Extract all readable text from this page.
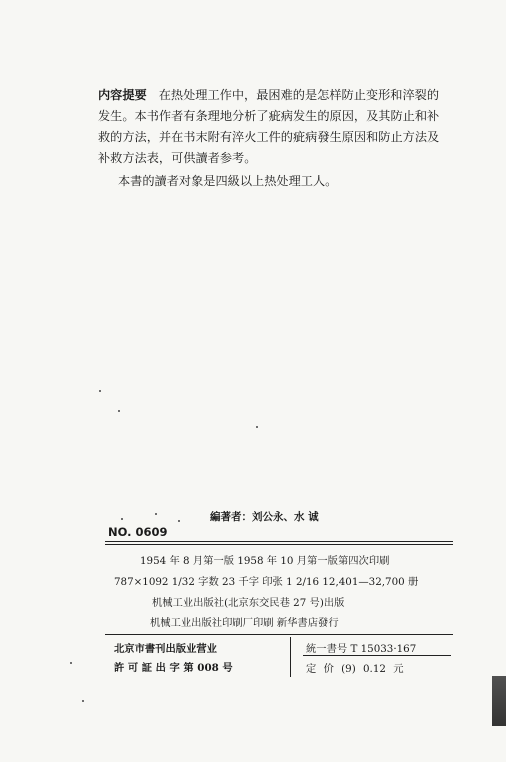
内容提要 在热处理工作中，最困难的是怎样防止变形和淬裂的发生。本书作者有条理地分析了疵病发生的原因，及其防止和补救的方法，并在书末附有淬火工件的疵病發生原因和防止方法及补救方法表，可供讀者参考。

本書的讀者对象是四級以上热处理工人。
編著者：刘公永、水 诚
NO. 0609
1954 年 8 月第一版 1958 年 10 月第一版第四次印刷
787×1092 1/32 字数 23 千字 印张 1 2/16 12,401—32,700 册
机械工业出版社(北京东交民巷 27 号)出版
机械工业出版社印刷厂印刷 新华書店發行
北京市書刊出版业营业
許 可 証 出 字 第 008 号
統一書号 T 15033·167
定 价 (9) 0.12 元
